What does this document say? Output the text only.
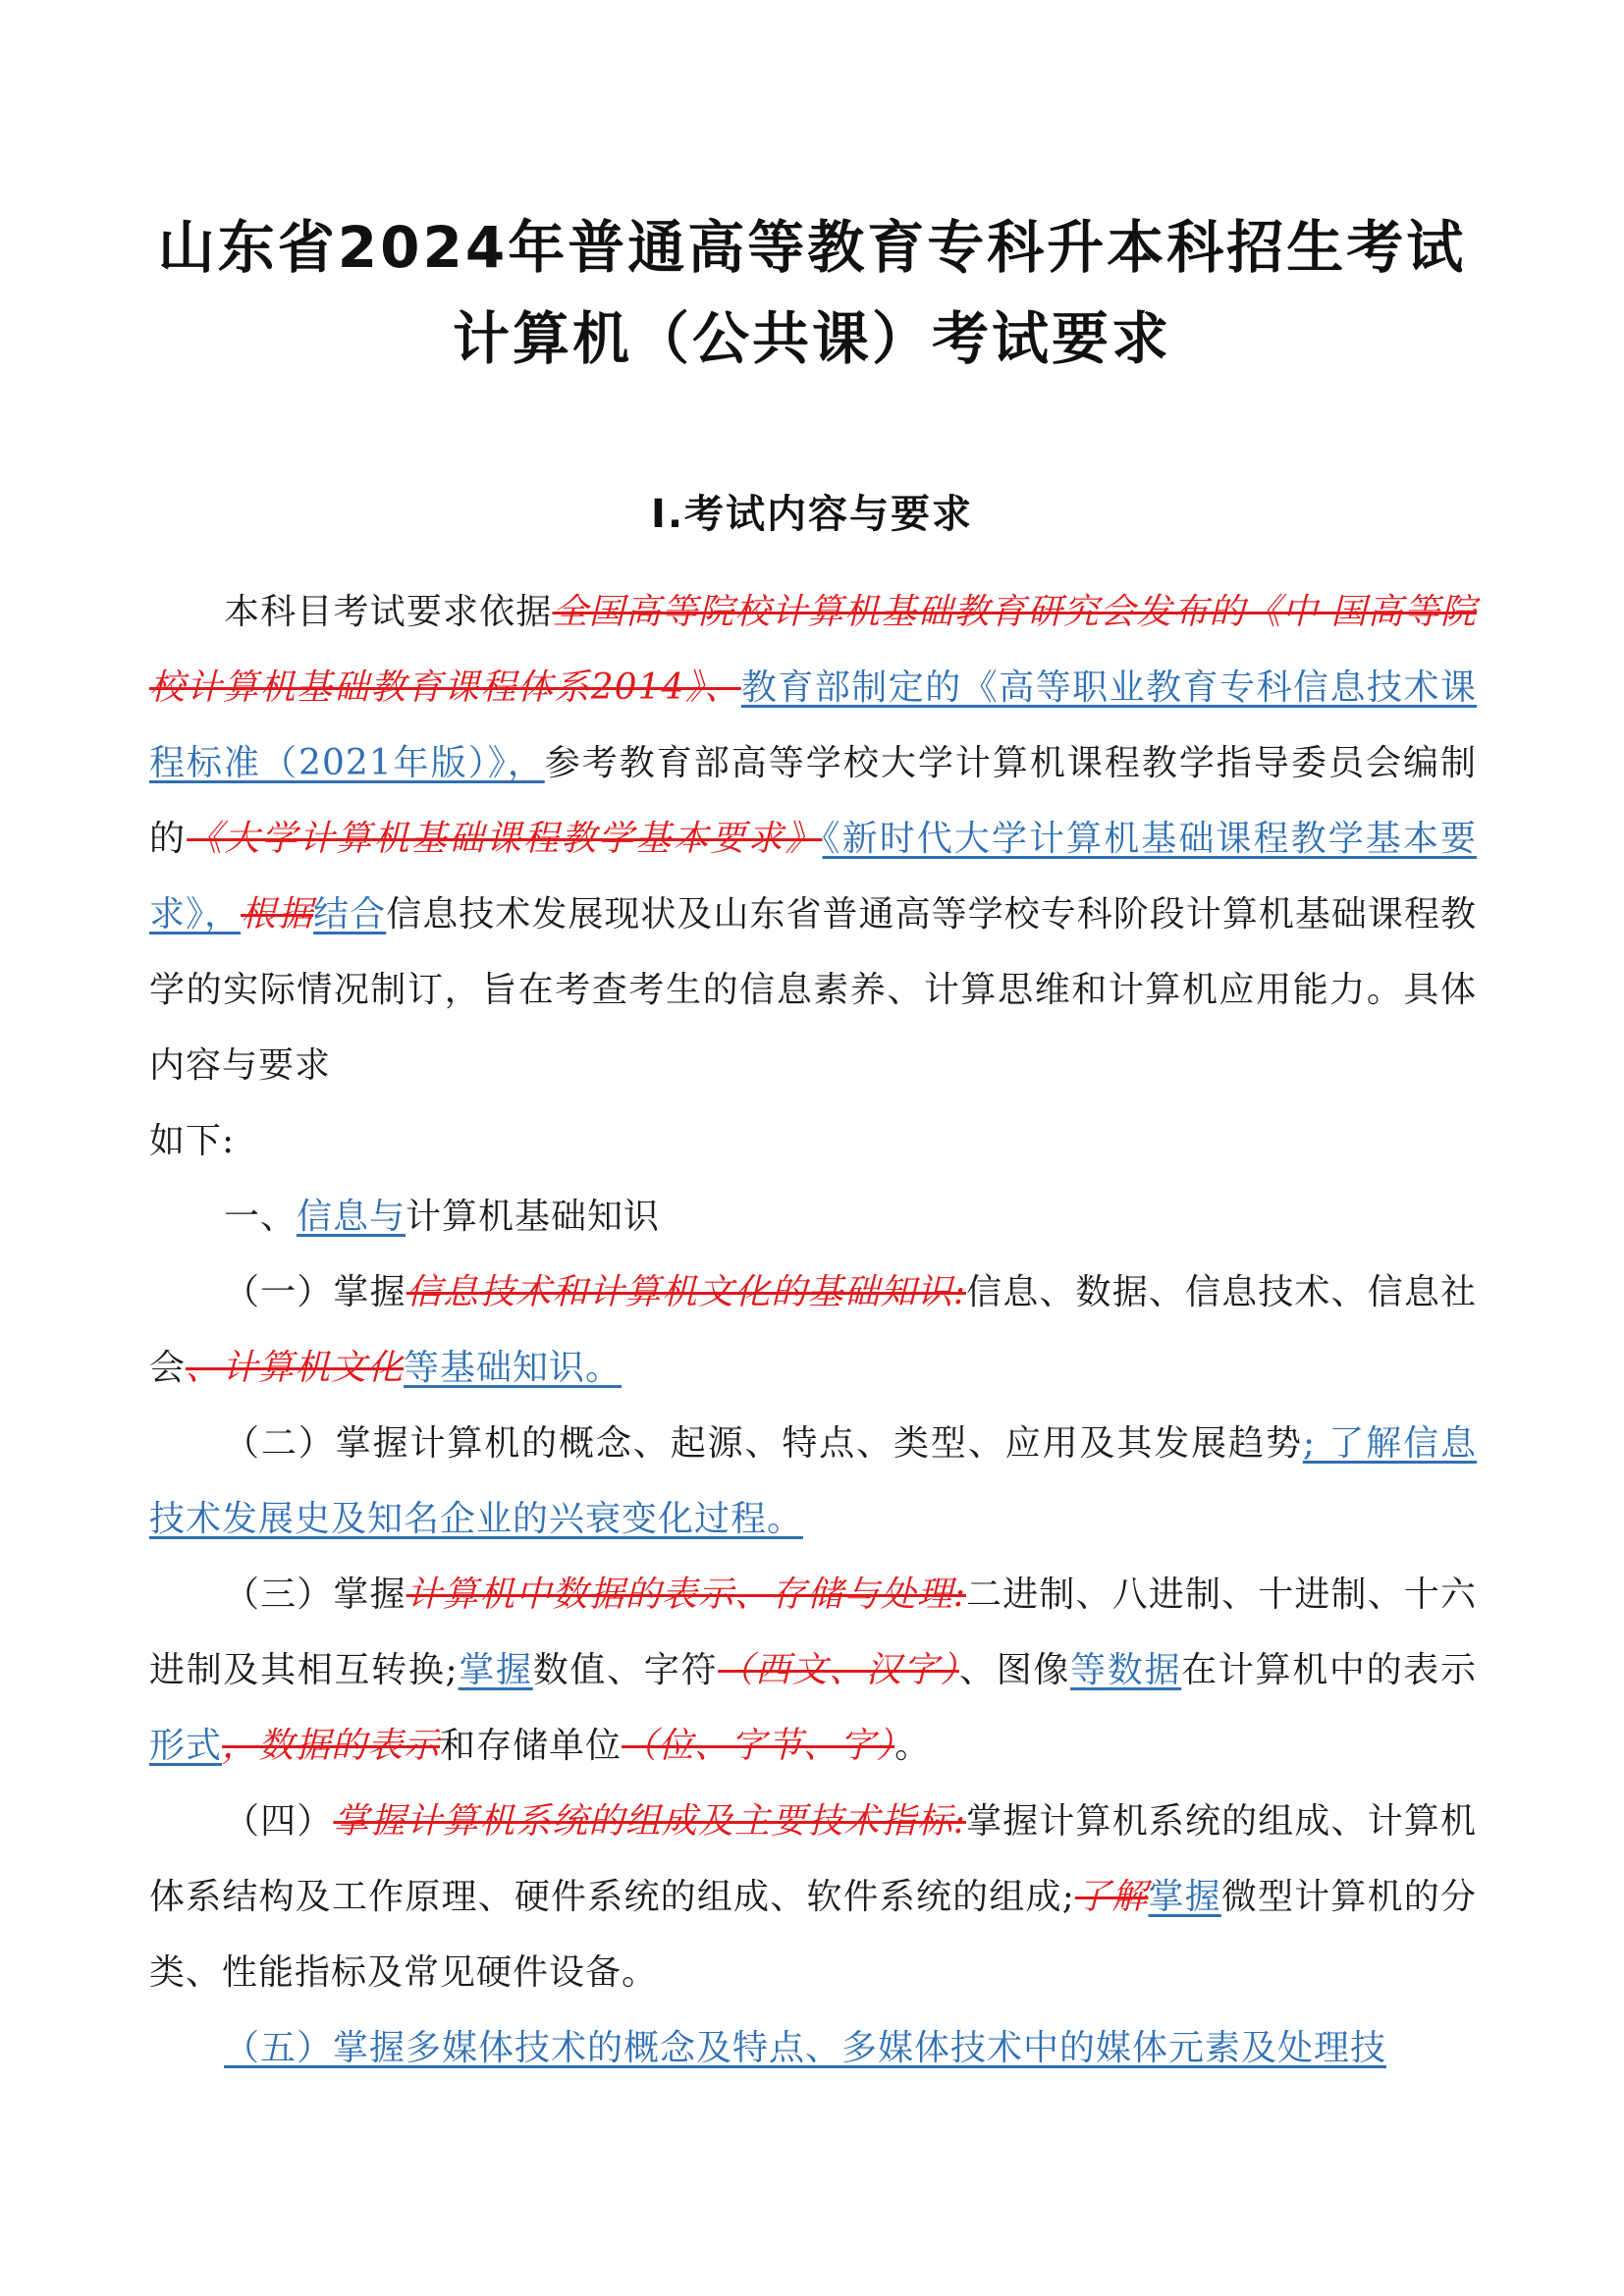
山东省2024年普通高等教育专科升本科招生考试
计算机（公共课）考试要求
Ⅰ.考试内容与要求

本科目考试要求依据全国高等院校计算机基础教育研究会发布的《中 国高等院校计算机基础教育课程体系2014》、教育部制定的《高等职业教育专科信息技术课程标准（2021年版）》，参考教育部高等学校大学计算机课程教学指导委员会编制的《大学计算机基础课程教学基本要求》《新时代大学计算机基础课程教学基本要求》，根据结合信息技术发展现状及山东省普通高等学校专科阶段计算机基础课程教学的实际情况制订，旨在考查考生的信息素养、计算思维和计算机应用能力。具体内容与要求

如下:

一、信息与计算机基础知识

（一）掌握信息技术和计算机文化的基础知识:信息、数据、信息技术、信息社会、计算机文化等基础知识。

（二）掌握计算机的概念、起源、特点、类型、应用及其发展趋势; 了解信息技术发展史及知名企业的兴衰变化过程。

（三）掌握计算机中数据的表示、存储与处理:二进制、八进制、十进制、十六进制及其相互转换;掌握数值、字符（西文、汉字）、图像等数据在计算机中的表示形式，数据的表示和存储单位（位、字节、字）。

（四）掌握计算机系统的组成及主要技术指标:掌握计算机系统的组成、计算机体系结构及工作原理、硬件系统的组成、软件系统的组成;了解掌握微型计算机的分类、性能指标及常见硬件设备。

（五）掌握多媒体技术的概念及特点、多媒体技术中的媒体元素及处理技
